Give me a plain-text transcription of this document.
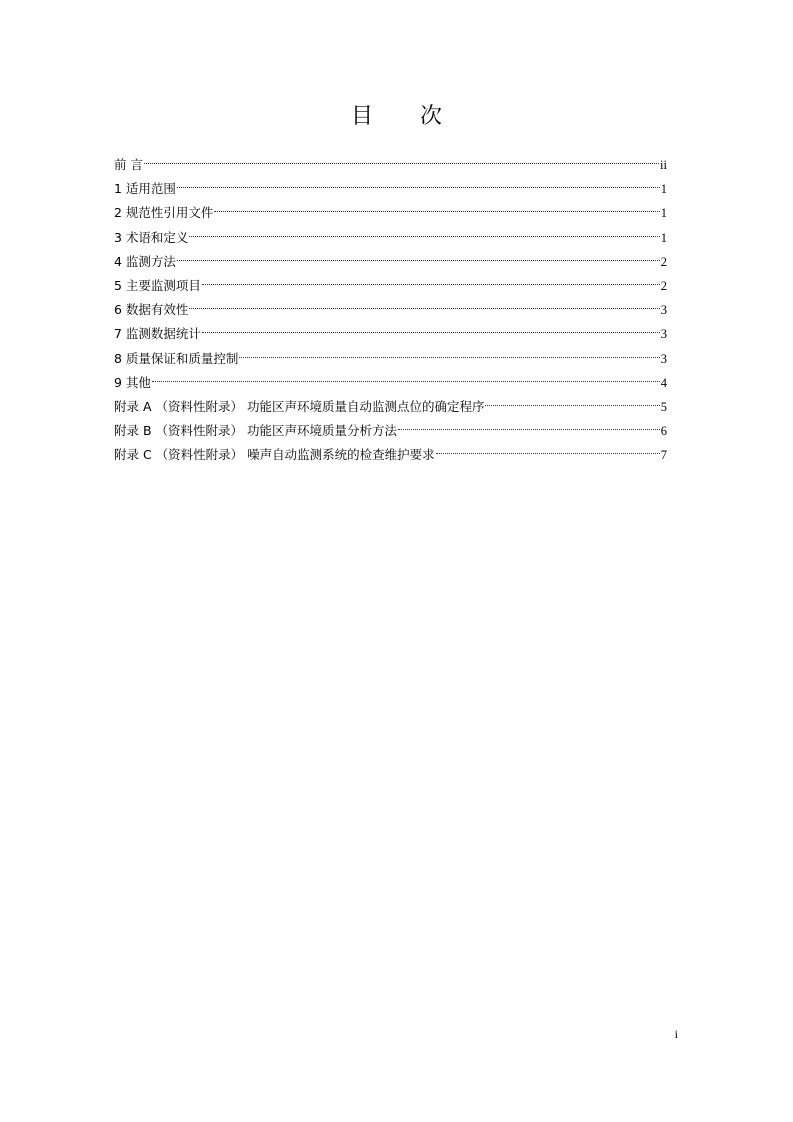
目 次
前 言	ii
1 适用范围	1
2 规范性引用文件	1
3 术语和定义	1
4 监测方法	2
5 主要监测项目	2
6 数据有效性	3
7 监测数据统计	3
8 质量保证和质量控制	3
9 其他	4
附录 A （资料性附录） 功能区声环境质量自动监测点位的确定程序	5
附录 B （资料性附录） 功能区声环境质量分析方法	6
附录 C （资料性附录） 噪声自动监测系统的检查维护要求	7
i
